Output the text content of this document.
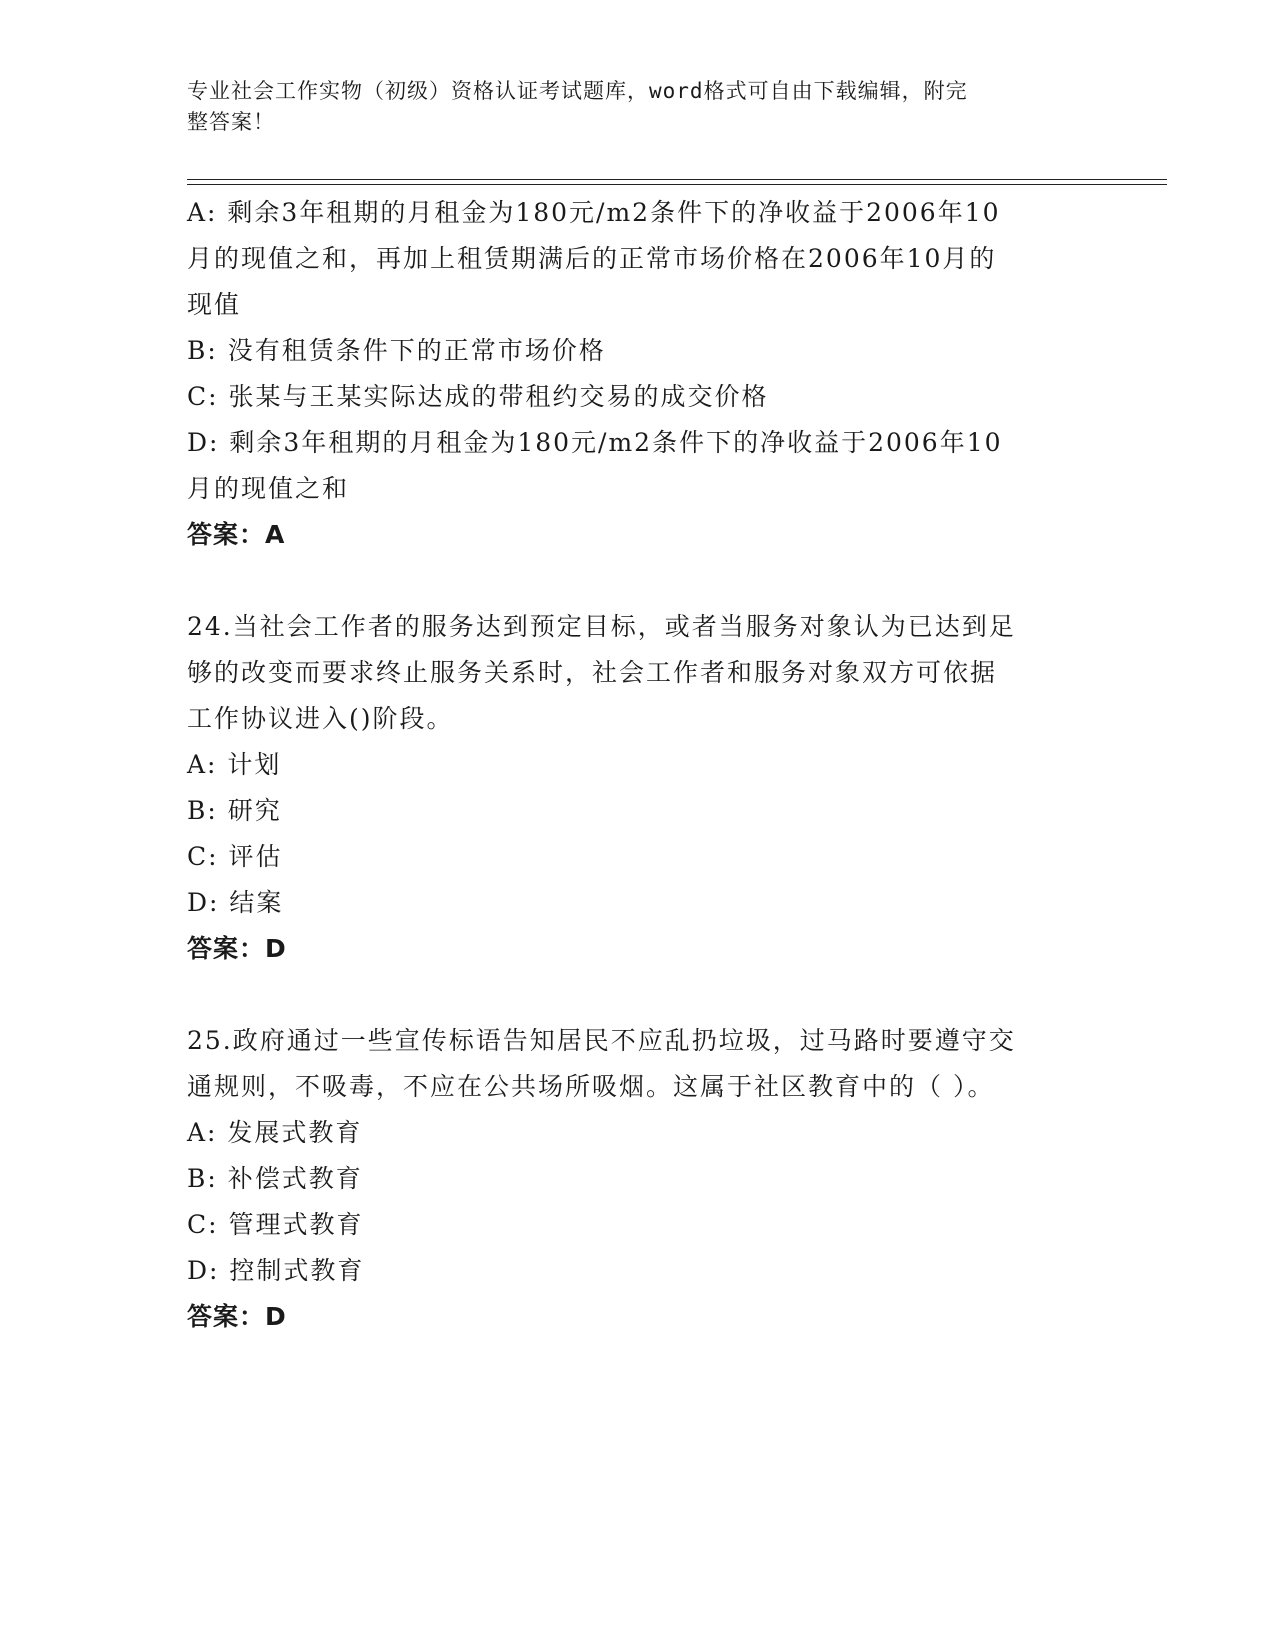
专业社会工作实物（初级）资格认证考试题库，word格式可自由下载编辑，附完
整答案！
A: 剩余3年租期的月租金为180元/m2条件下的净收益于2006年10
月的现值之和，再加上租赁期满后的正常市场价格在2006年10月的
现值
B: 没有租赁条件下的正常市场价格
C: 张某与王某实际达成的带租约交易的成交价格
D: 剩余3年租期的月租金为180元/m2条件下的净收益于2006年10
月的现值之和
答案：A
24.当社会工作者的服务达到预定目标，或者当服务对象认为已达到足
够的改变而要求终止服务关系时，社会工作者和服务对象双方可依据
工作协议进入()阶段。
A: 计划
B: 研究
C: 评估
D: 结案
答案：D
25.政府通过一些宣传标语告知居民不应乱扔垃圾，过马路时要遵守交
通规则，不吸毒，不应在公共场所吸烟。这属于社区教育中的（ ）。
A: 发展式教育
B: 补偿式教育
C: 管理式教育
D: 控制式教育
答案：D
